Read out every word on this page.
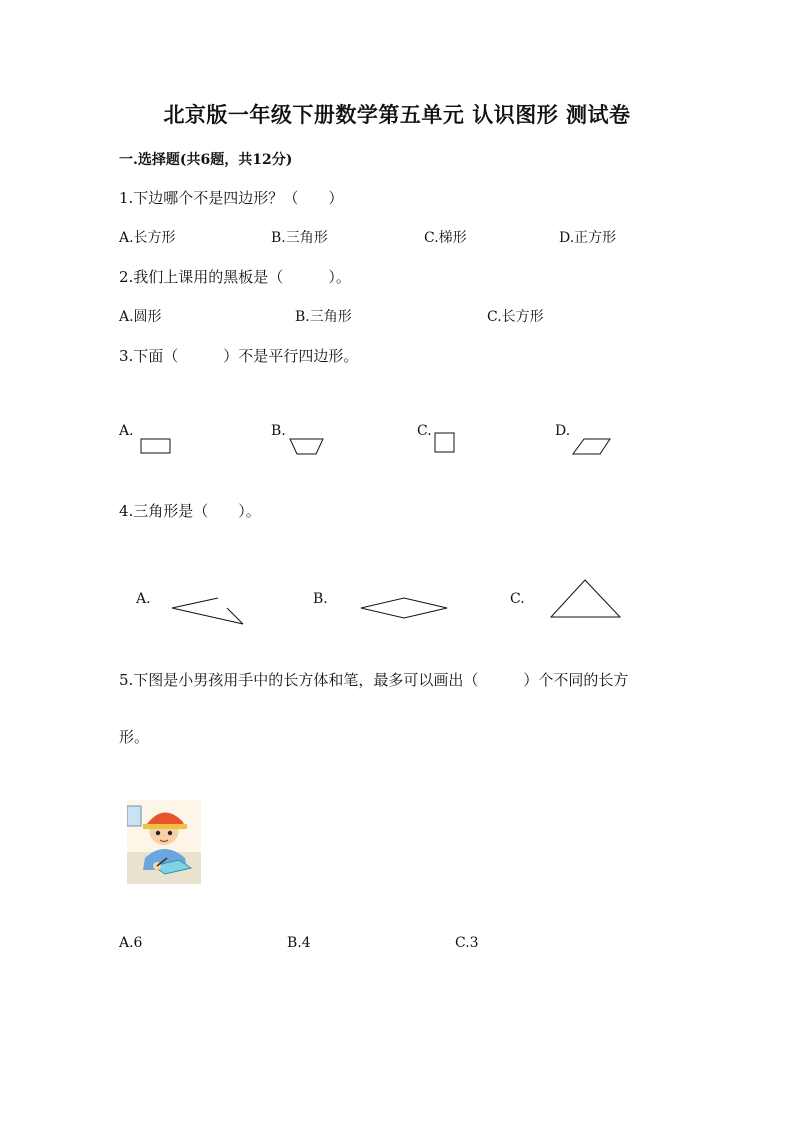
北京版一年级下册数学第五单元 认识图形 测试卷
一.选择题(共6题，共12分)
1.下边哪个不是四边形？（　　）
A.长方形	B.三角形	C.梯形	D.正方形
2.我们上课用的黑板是（　　　）。
A.圆形	B.三角形	C.长方形
3.下面（　　　）不是平行四边形。
A.	B.	C.	D.
4.三角形是（　　）。
A.	B.	C.
5.下图是小男孩用手中的长方体和笔，最多可以画出（　　　）个不同的长方
形。
A.6	B.4	C.3
